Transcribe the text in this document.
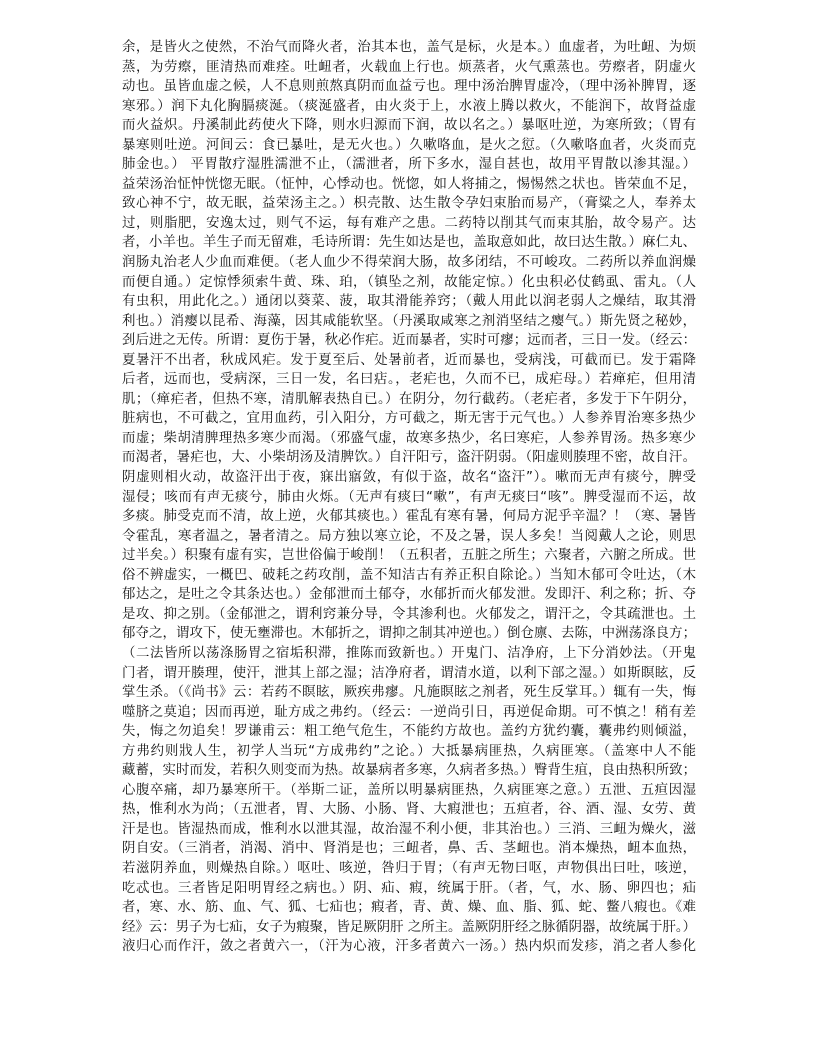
余，是皆火之使然，不治气而降火者，治其本也，盖气是标，火是本。）血虚者，为吐衄、为烦
蒸，为劳瘵，匪清热而难痊。吐衄者，火载血上行也。烦蒸者，火气熏蒸也。劳瘵者，阴虚火
动也。虽皆血虚之候，人不息则煎熬真阴而血益亏也。理中汤治脾胃虚冷，（理中汤补脾胃，逐
寒邪。）润下丸化胸膈痰涎。（痰涎盛者，由火炎于上，水液上腾以救火，不能润下，故肾益虚
而火益炽。丹溪制此药使火下降，则水归源而下润，故以名之。）暴呕吐逆，为寒所致；（胃有
暴寒则吐逆。河间云：食已暴吐，是无火也。）久嗽咯血，是火之愆。（久嗽咯血者，火炎而克
肺金也。） 平胃散疗湿胜濡泄不止，（濡泄者，所下多水，湿自甚也，故用平胃散以渗其湿。）
益荣汤治怔忡恍惚无眠。（怔忡，心悸动也。恍惚，如人将捕之，惕惕然之状也。皆荣血不足，
致心神不宁，故无眠，益荣汤主之。）枳壳散、达生散令孕妇束胎而易产，（膏粱之人，奉养太
过，则脂肥，安逸太过，则气不运，每有难产之患。二药特以削其气而束其胎，故令易产。达
者，小羊也。羊生子而无留难，毛诗所谓：先生如达是也，盖取意如此，故曰达生散。）麻仁丸、
润肠丸治老人少血而难便。（老人血少不得荣润大肠，故多闭结，不可峻攻。二药所以养血润燥
而便自通。）定惊悸须索牛黄、珠、珀，（镇坠之剂，故能定惊。）化虫积必仗鹤虱、雷丸。（人
有虫积，用此化之。）通闭以葵菜、菠，取其滑能养窍；（戴人用此以润老弱人之燥结，取其滑
利也。）消瘿以昆希、海藻，因其咸能软坚。（丹溪取咸寒之剂消坚结之瘿气。）斯先贤之秘妙，
刭后进之无传。所谓：夏伤于暑，秋必作疟。近而暴者，实时可瘳；远而者，三日一发。（经云：
夏暑汗不出者，秋成风疟。发于夏至后、处暑前者，近而暴也，受病浅，可截而已。发于霜降
后者，远而也，受病深，三日一发，名曰痁。，老疟也，久而不已，成疟母。）若瘅疟，但用清
肌；（瘅疟者，但热不寒，清肌解表热自已。）在阴分，勿行截药。（老疟者，多发于下午阴分，
脏病也，不可截之，宜用血药，引入阳分，方可截之，斯无害于元气也。）人参养胃治寒多热少
而虚；柴胡清脾理热多寒少而渴。（邪盛气虚，故寒多热少，名曰寒疟，人参养胃汤。热多寒少
而渴者，暑疟也，大、小柴胡汤及清脾饮。）自汗阳亏，盗汗阴弱。（阳虚则腠理不密，故自汗。
阴虚则相火动，故盗汗出于夜，寐出寤敛，有似于盗，故名“盗汗”）。嗽而无声有痰兮，脾受
湿侵；咳而有声无痰兮，肺由火烁。（无声有痰曰“嗽”，有声无痰曰“咳”。脾受湿而不运，故
多痰。肺受克而不清，故上逆，火郁其痰也。）霍乱有寒有暑，何局方泥乎辛温？！（寒、暑皆
令霍乱，寒者温之，暑者清之。局方独以寒立论，不及之暑，误人多矣！当阅戴人之论，则思
过半矣。）积聚有虚有实，岂世俗偏于峻削！（五积者，五脏之所生；六聚者，六腑之所成。世
俗不辨虚实，一概巴、破耗之药攻削，盖不知洁古有养正积自除论。）当知木郁可令吐达，（木
郁达之，是吐之令其条达也。）金郁泄而土郁夺，水郁折而火郁发泄。发即汗、利之称；折、夺
是攻、抑之别。（金郁泄之，谓利窍兼分导，令其渗利也。火郁发之，谓汗之，令其疏泄也。土
郁夺之，谓攻下，使无壅滞也。木郁折之，谓抑之制其冲逆也。）倒仓廪、去陈，中洲荡涤良方；
（二法皆所以荡涤肠胃之宿垢积滞，推陈而致新也。）开鬼门、洁净府，上下分消妙法。（开鬼
门者，谓开腠理，使汗，泄其上部之湿；洁净府者，谓清水道，以利下部之湿。）如斯瞑眩，反
掌生杀。（《尚书》云：若药不瞑眩，厥疾弗瘳。凡施瞑眩之剂者，死生反掌耳。）辄有一失，悔
噬脐之莫追；因而再逆，耻方成之弗约。（经云：一逆尚引日，再逆促命期。可不慎之！稍有差
失，悔之勿追矣！罗谦甫云：粗工绝气危生，不能约方故也。盖约方犹约囊，囊弗约则倾溢，
方弗约则戕人生，初学人当玩“方成弗约”之论。）大抵暴病匪热，久病匪寒。（盖寒中人不能
藏蓄，实时而发，若积久则变而为热。故暴病者多寒，久病者多热。）臀背生疽，良由热积所致；
心腹卒痛，却乃暴寒所干。（举斯二证，盖所以明暴病匪热，久病匪寒之意。）五泄、五疸因湿
热，惟利水为尚；（五泄者，胃、大肠、小肠、肾、大瘕泄也；五疸者，谷、酒、湿、女劳、黄
汗是也。皆湿热而成，惟利水以泄其湿，故治湿不利小便，非其治也。）三消、三衄为燥火，滋
阴自安。（三消者，消渴、消中、肾消是也；三衄者，鼻、舌、茎衄也。消本燥热，衄本血热，
若滋阴养血，则燥热自除。）呕吐、咳逆，咎归于胃；（有声无物曰呕，声物俱出曰吐，咳逆，
吃忒也。三者皆足阳明胃经之病也。）阴、疝、瘕，统属于肝。（者，气，水、肠、卵四也；疝
者，寒、水、筋、血、气、狐、七疝也；瘕者，青、黄、燥、血、脂、狐、蛇、鳖八瘕也。《难
经》云：男子为七疝，女子为瘕聚，皆足厥阴肝 之所主。盖厥阴肝经之脉循阴器，故统属于肝。）
液归心而作汗，敛之者黄六一，（汗为心液，汗多者黄六一汤。）热内炽而发疹，消之者人参化
